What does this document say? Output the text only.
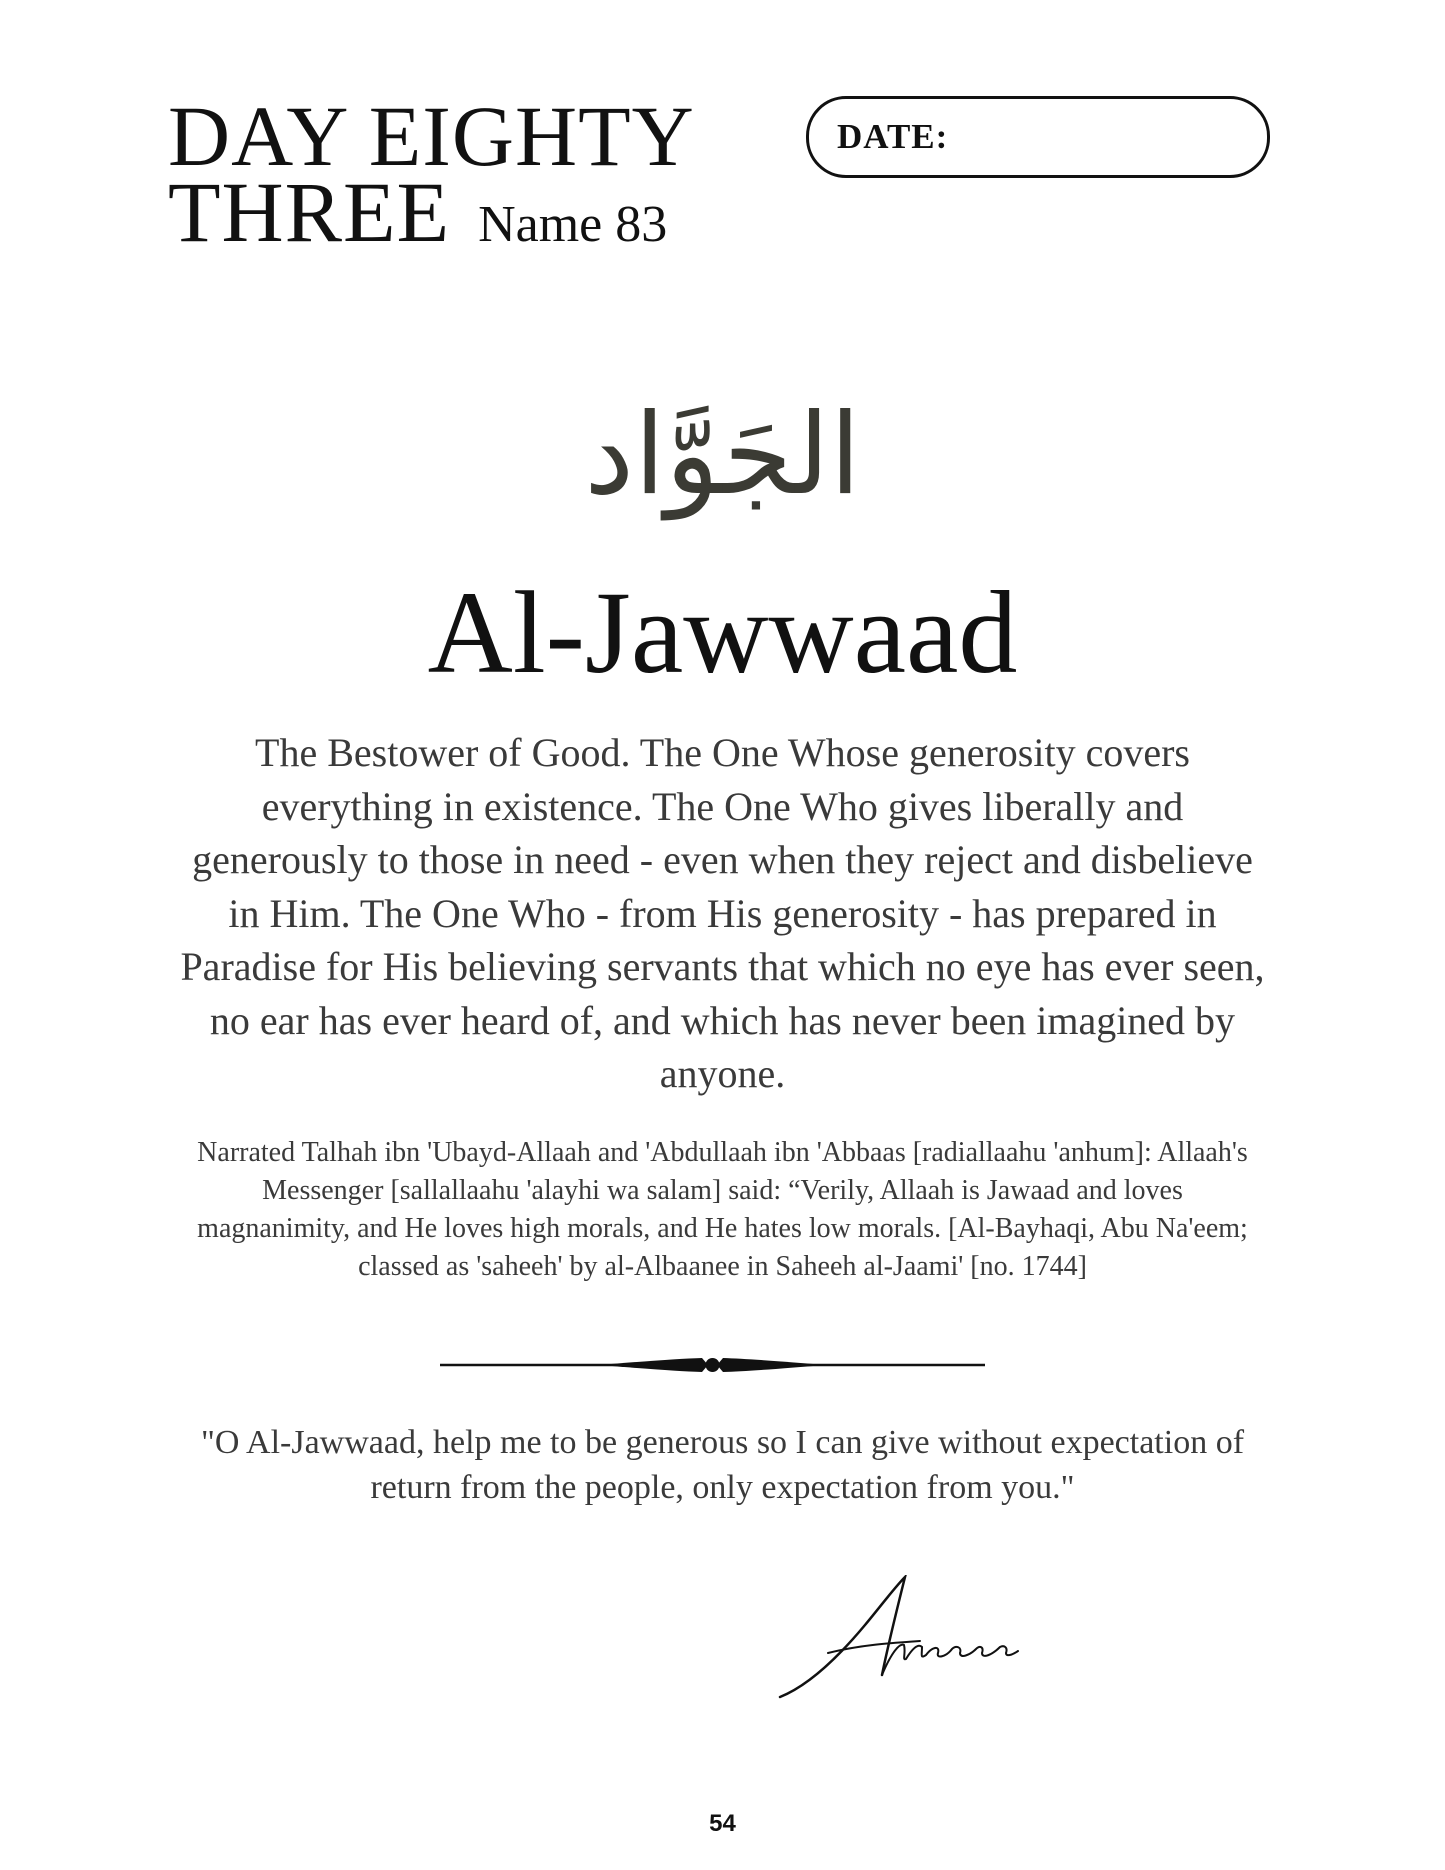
DAY EIGHTY
THREE Name 83
DATE:
الجَوَّاد
Al-Jawwaad
The Bestower of Good. The One Whose generosity covers everything in existence. The One Who gives liberally and generously to those in need - even when they reject and disbelieve in Him. The One Who - from His generosity - has prepared in Paradise for His believing servants that which no eye has ever seen, no ear has ever heard of, and which has never been imagined by anyone.
Narrated Talhah ibn 'Ubayd-Allaah and 'Abdullaah ibn 'Abbaas [radiallaahu 'anhum]: Allaah's Messenger [sallallaahu 'alayhi wa salam] said: “Verily, Allaah is Jawaad and loves magnanimity, and He loves high morals, and He hates low morals. [Al-Bayhaqi, Abu Na'eem; classed as 'saheeh' by al-Albaanee in Saheeh al-Jaami' [no. 1744]
"O Al-Jawwaad, help me to be generous so I can give without expectation of return from the people, only expectation from you."
54
